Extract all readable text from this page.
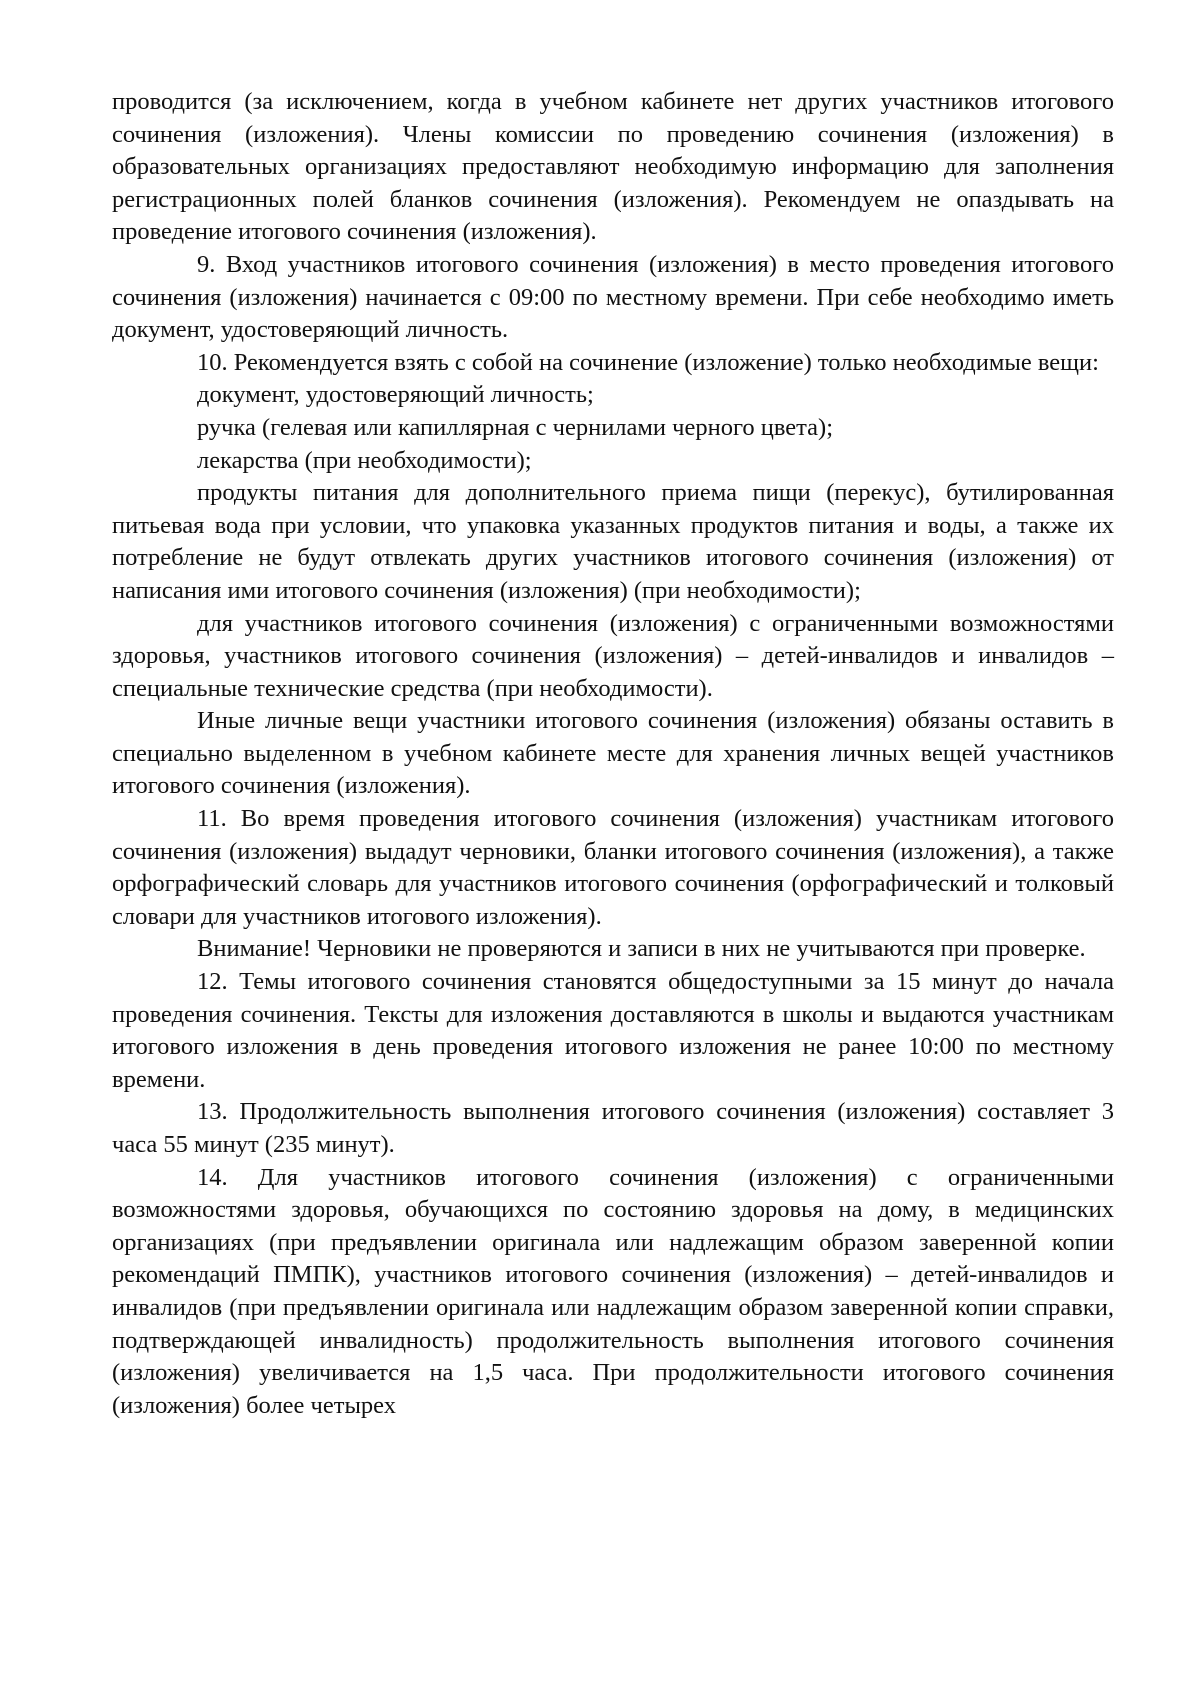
проводится (за исключением, когда в учебном кабинете нет других участников итогового сочинения (изложения). Члены комиссии по проведению сочинения (изложения) в образовательных организациях предоставляют необходимую информацию для заполнения регистрационных полей бланков сочинения (изложения). Рекомендуем не опаздывать на проведение итогового сочинения (изложения).

9. Вход участников итогового сочинения (изложения) в место проведения итогового сочинения (изложения) начинается с 09:00 по местному времени. При себе необходимо иметь документ, удостоверяющий личность.

10. Рекомендуется взять с собой на сочинение (изложение) только необходимые вещи:

документ, удостоверяющий личность;

ручка (гелевая или капиллярная с чернилами черного цвета);

лекарства (при необходимости);

продукты питания для дополнительного приема пищи (перекус), бутилированная питьевая вода при условии, что упаковка указанных продуктов питания и воды, а также их потребление не будут отвлекать других участников итогового сочинения (изложения) от написания ими итогового сочинения (изложения) (при необходимости);

для участников итогового сочинения (изложения) с ограниченными возможностями здоровья, участников итогового сочинения (изложения) – детей-инвалидов и инвалидов – специальные технические средства (при необходимости).

Иные личные вещи участники итогового сочинения (изложения) обязаны оставить в специально выделенном в учебном кабинете месте для хранения личных вещей участников итогового сочинения (изложения).

11. Во время проведения итогового сочинения (изложения) участникам итогового сочинения (изложения) выдадут черновики, бланки итогового сочинения (изложения), а также орфографический словарь для участников итогового сочинения (орфографический и толковый словари для участников итогового изложения).

Внимание! Черновики не проверяются и записи в них не учитываются при проверке.

12. Темы итогового сочинения становятся общедоступными за 15 минут до начала проведения сочинения. Тексты для изложения доставляются в школы и выдаются участникам итогового изложения в день проведения итогового изложения не ранее 10:00 по местному времени.

13. Продолжительность выполнения итогового сочинения (изложения) составляет 3 часа 55 минут (235 минут).

14. Для участников итогового сочинения (изложения) с ограниченными возможностями здоровья, обучающихся по состоянию здоровья на дому, в медицинских организациях (при предъявлении оригинала или надлежащим образом заверенной копии рекомендаций ПМПК), участников итогового сочинения (изложения) – детей-инвалидов и инвалидов (при предъявлении оригинала или надлежащим образом заверенной копии справки, подтверждающей инвалидность) продолжительность выполнения итогового сочинения (изложения) увеличивается на 1,5 часа. При продолжительности итогового сочинения (изложения) более четырех
